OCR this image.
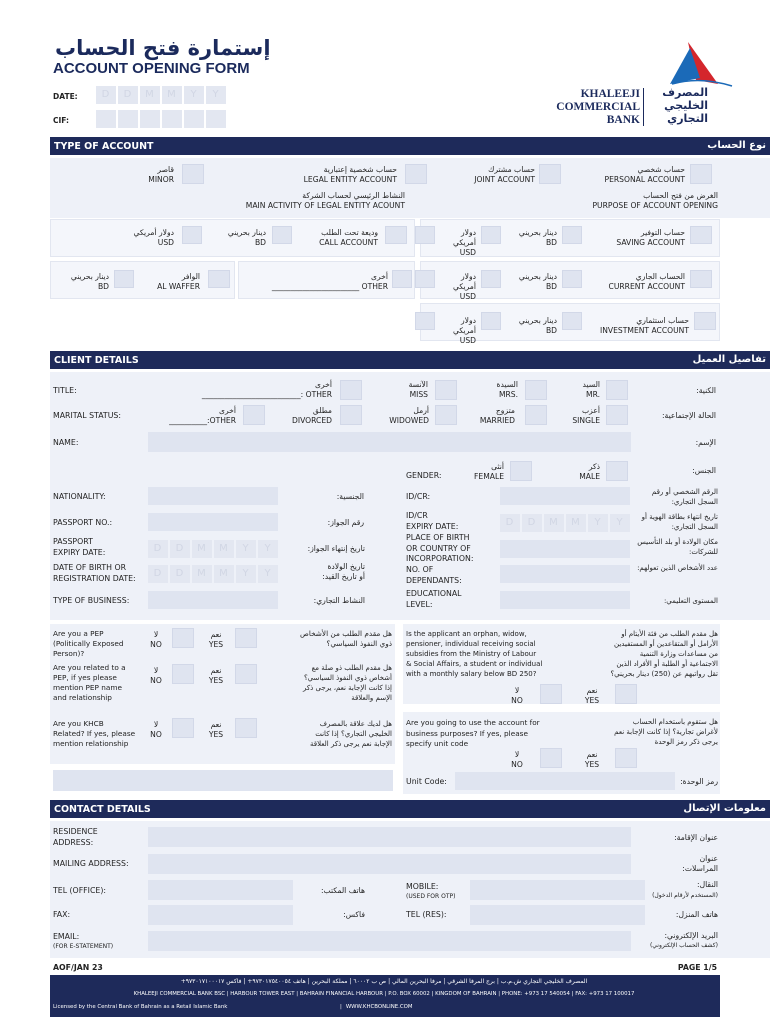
إستمارة فتح الحساب
ACCOUNT OPENING FORM
DATE:	D	D	M	M	Y	Y
CIF:
KHALEEJI
COMMERCIAL
BANK
المصرف
الخليجي
التجاري
TYPE OF ACCOUNT	نوع الحساب
حساب شخصي
PERSONAL ACCOUNT
حساب مشترك
JOINT ACCOUNT
حساب شخصية إعتبارية
LEGAL ENTITY ACCOUNT
قاصر
MINOR
الغرض من فتح الحساب
PURPOSE OF ACCOUNT OPENING
النشاط الرئيسي لحساب الشركة
MAIN ACTIVITY OF LEGAL ENTITY ACOUNT
دولار أمريكي
USD
دينار بحريني
BD
حساب التوفير
SAVING ACCOUNT
دولار أمريكي
USD
دينار بحريني
BD
وديعة تحت الطلب
CALL ACCOUNT
دولار أمريكي
USD
دينار بحريني
BD
الحساب الجاري
CURRENT ACCOUNT
أخرى
_______________________ OTHER
دينار بحريني
BD
الوافر
AL WAFFER
دولار أمريكي
USD
دينار بحريني
BD
حساب استثماري
INVESTMENT ACCOUNT
CLIENT DETAILS	تفاصيل العميل
TITLE:	الكنية:
أخرى
__________________________: OTHER
الآنسة
MISS
السيدة
MRS.
السيد
MR.
MARITAL STATUS:	الحالة الإجتماعية:
أخرى
__________:OTHER
مطلق
DIVORCED
أرمل
WIDOWED
متزوج
MARRIED
أعزب
SINGLE
NAME:	الإسم:
GENDER:
الجنس:
أنثى
FEMALE
ذكر
MALE
NATIONALITY:	الجنسية:
PASSPORT NO.:	رقم الجواز:
PASSPORT
EXPIRY DATE:	D	D	M	M	Y	Y	تاريخ إنتهاء الجواز:
DATE OF BIRTH OR
REGISTRATION DATE:	D	D	M	M	Y	Y
تاريخ الولادة
أو تاريخ القيد:
TYPE OF BUSINESS:	النشاط التجاري:
ID/CR:	الرقم الشخصي أو رقم السجل التجاري:
ID/CR
EXPIRY DATE:	D	D	M	M	Y	Y	تاريخ انتهاء بطاقة الهوية أو السجل التجاري:
PLACE OF BIRTH
OR COUNTRY OF
INCORPORATION:
مكان الولادة أو بلد التأسيس للشركات:
NO. OF
DEPENDANTS:
عدد الأشخاص الذين تعولهم:
EDUCATIONAL
LEVEL:	المستوى التعليمي:
Are you a PEP
(Politically Exposed
Person)?
لا
NO
نعم
YES
هل مقدم الطلب من الأشخاص
ذوي النفوذ السياسي؟
Are you related to a
PEP, if yes please
mention PEP name
and relationship
لا
NO
نعم
YES
هل مقدم الطلب ذو صلة مع
أشخاص ذوي النفوذ السياسي؟
إذا كانت الإجابة نعم، يرجى ذكر
الإسم والعلاقة
Are you KHCB
Related? If yes, please
mention relationship
لا
NO
نعم
YES
هل لديك علاقة بالمصرف
الخليجي التجاري؟ إذا كانت
الإجابة نعم يرجى ذكر العلاقة
Is the applicant an orphan, widow,
pensioner, individual receiving social
subsidies from the Ministry of Labour
& Social Affairs, a student or individual
with a monthly salary below BD 250?
هل مقدم الطلب من فئة الأيتام أو
الأرامل أو المتقاعدين أو المستفيدين
من مساعدات وزارة التنمية
الاجتماعية أو الطلبة أو الأفراد الذين
تقل رواتبهم عن (250) دينار بحريني؟
لا
NO
نعم
YES
Are you going to use the account for
business purposes? If yes, please
specify unit code
هل ستقوم باستخدام الحساب
لأغراض تجارية؟ إذا كانت الإجابة نعم
يرجى ذكر رمز الوحدة
لا
NO
نعم
YES
Unit Code:	رمز الوحدة:
CONTACT DETAILS	معلومات الإتصال
RESIDENCE
ADDRESS:	عنوان الإقامة:
MAILING ADDRESS:
عنوان
المراسلات:
TEL (OFFICE):	هاتف المكتب:	MOBILE:
(USED FOR OTP)
النقال:
(المستخدم لأرقام الدخول)
FAX:	فاكس:	TEL (RES):	هاتف المنزل:
EMAIL:
(FOR E-STATEMENT)
البريد الإلكتروني:
(كشف الحساب الإلكتروني)
AOF/JAN 23	PAGE 1/5
المصرف الخليجي التجاري ش.م.ب | برج المرفأ الشرقي | مرفأ البحرين المالي | ص ب ٦٠٠٠٢ | مملكة البحرين | هاتف ٩٧٣٠١٧٥٤٠٠٥٤+ | فاكس ٩٧٣٠١٧١٠٠٠١٧+
KHALEEJI COMMERCIAL BANK BSC | HARBOUR TOWER EAST | BAHRAIN FINANCIAL HARBOUR | P.O. BOX 60002 | KINGDOM OF BAHRAIN | PHONE: +973 17 540054 | FAX: +973 17 100017
Licensed by the Central Bank of Bahrain as a Retail Islamic Bank	| WWW.KHCBONLINE.COM
